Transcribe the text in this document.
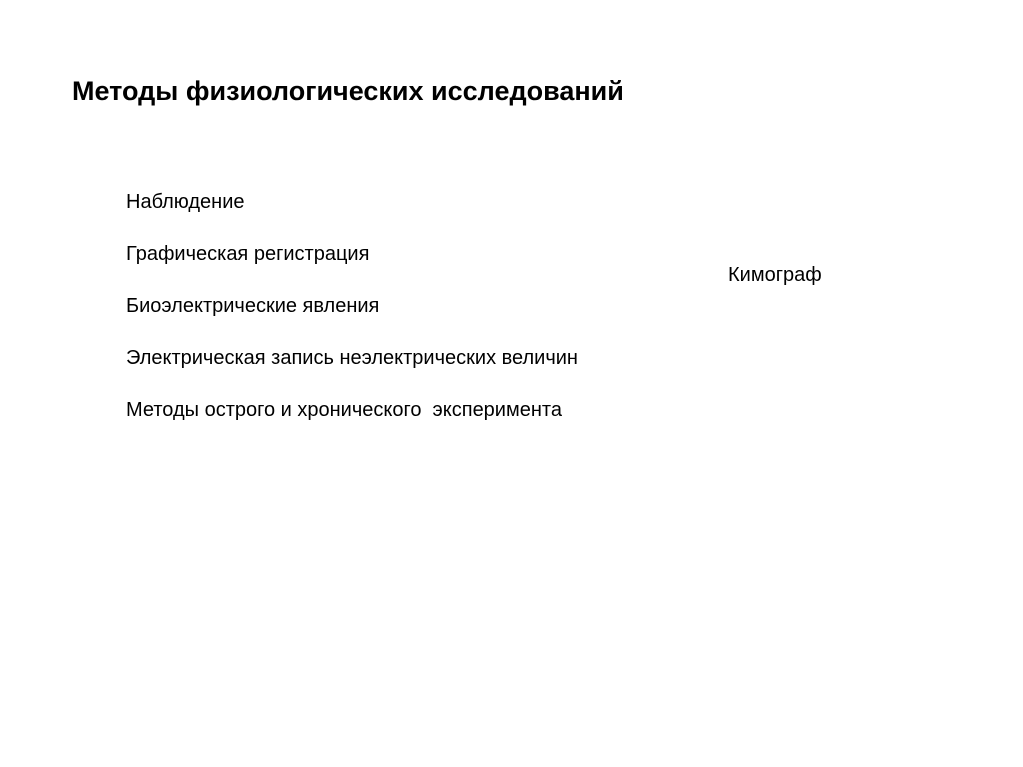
Методы физиологических исследований
Наблюдение
Графическая регистрация
Биоэлектрические явления
Электрическая запись неэлектрических величин
Методы острого и хронического  эксперимента
Кимограф
